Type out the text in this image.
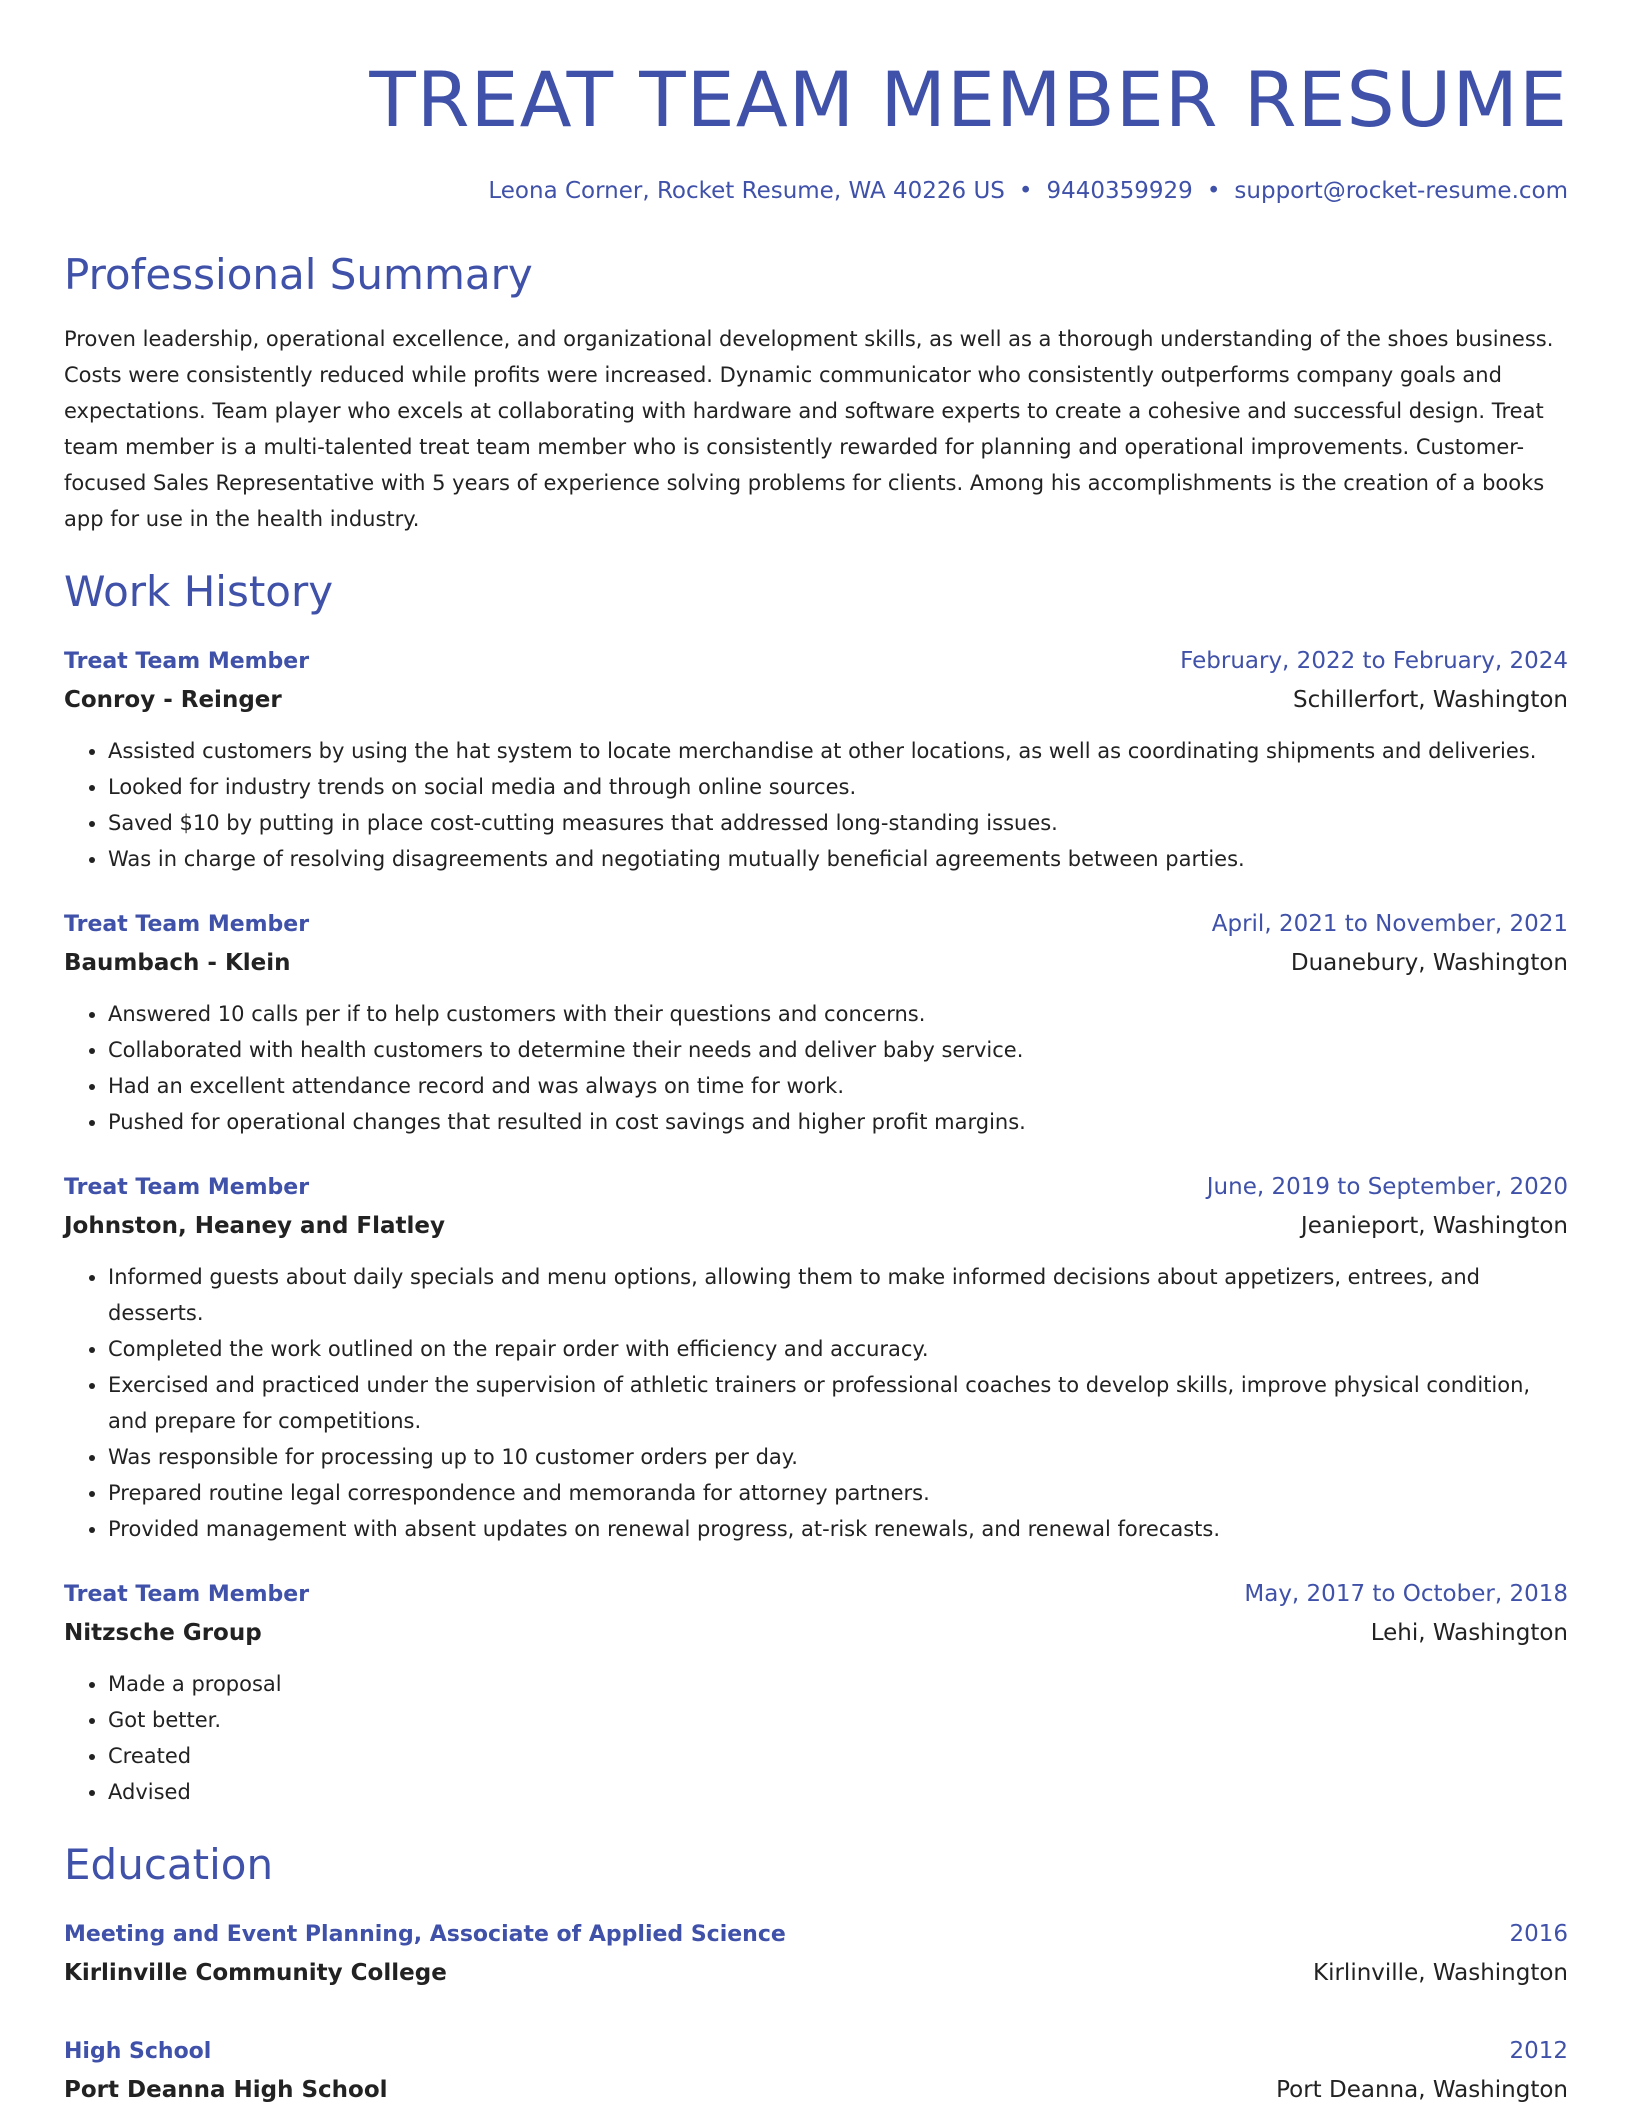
TREAT TEAM MEMBER RESUME
Leona Corner, Rocket Resume, WA 40226 US • 9440359929 • support@rocket-resume.com
Professional Summary

Proven leadership, operational excellence, and organizational development skills, as well as a thorough understanding of the shoes business. Costs were consistently reduced while profits were increased. Dynamic communicator who consistently outperforms company goals and expectations. Team player who excels at collaborating with hardware and software experts to create a cohesive and successful design. Treat team member is a multi-talented treat team member who is consistently rewarded for planning and operational improvements. Customer-focused Sales Representative with 5 years of experience solving problems for clients. Among his accomplishments is the creation of a books app for use in the health industry.

Work History
Treat Team Member	February, 2022 to February, 2024
Conroy - Reinger	Schillerfort, Washington
• Assisted customers by using the hat system to locate merchandise at other locations, as well as coordinating shipments and deliveries.
• Looked for industry trends on social media and through online sources.
• Saved $10 by putting in place cost-cutting measures that addressed long-standing issues.
• Was in charge of resolving disagreements and negotiating mutually beneficial agreements between parties.
Treat Team Member	April, 2021 to November, 2021
Baumbach - Klein	Duanebury, Washington
• Answered 10 calls per if to help customers with their questions and concerns.
• Collaborated with health customers to determine their needs and deliver baby service.
• Had an excellent attendance record and was always on time for work.
• Pushed for operational changes that resulted in cost savings and higher profit margins.
Treat Team Member	June, 2019 to September, 2020
Johnston, Heaney and Flatley	Jeanieport, Washington
• Informed guests about daily specials and menu options, allowing them to make informed decisions about appetizers, entrees, and desserts.
• Completed the work outlined on the repair order with efficiency and accuracy.
• Exercised and practiced under the supervision of athletic trainers or professional coaches to develop skills, improve physical condition, and prepare for competitions.
• Was responsible for processing up to 10 customer orders per day.
• Prepared routine legal correspondence and memoranda for attorney partners.
• Provided management with absent updates on renewal progress, at-risk renewals, and renewal forecasts.
Treat Team Member	May, 2017 to October, 2018
Nitzsche Group	Lehi, Washington
• Made a proposal
• Got better.
• Created
• Advised
Education
Meeting and Event Planning, Associate of Applied Science	2016
Kirlinville Community College	Kirlinville, Washington
High School	2012
Port Deanna High School	Port Deanna, Washington
